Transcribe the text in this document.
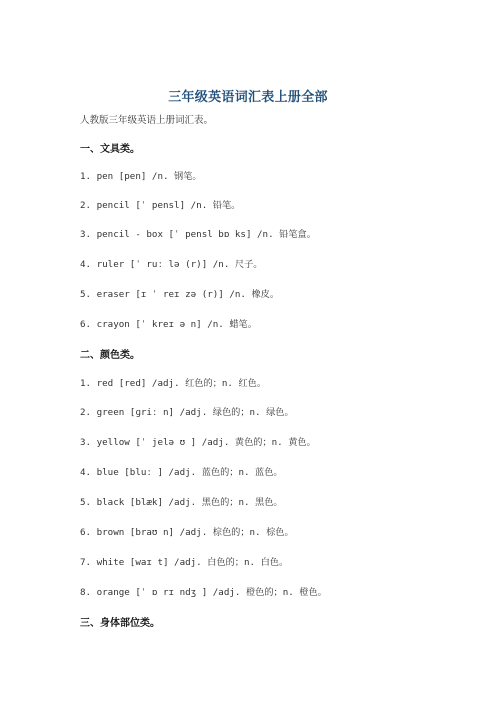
三年级英语词汇表上册全部
人教版三年级英语上册词汇表。
一、文具类。
1. pen [pen] /n. 钢笔。
2. pencil [ˈ pensl] /n. 铅笔。
3. pencil - box [ˈ pensl bɒ ks] /n. 铅笔盒。
4. ruler [ˈ ruː lə (r)] /n. 尺子。
5. eraser [ɪ ˈ reɪ zə (r)] /n. 橡皮。
6. crayon [ˈ kreɪ ə n] /n. 蜡笔。
二、颜色类。
1. red [red] /adj. 红色的；n. 红色。
2. green [ɡriː n] /adj. 绿色的；n. 绿色。
3. yellow [ˈ jelə ʊ ] /adj. 黄色的；n. 黄色。
4. blue [bluː ] /adj. 蓝色的；n. 蓝色。
5. black [blæk] /adj. 黑色的；n. 黑色。
6. brown [braʊ n] /adj. 棕色的；n. 棕色。
7. white [waɪ t] /adj. 白色的；n. 白色。
8. orange [ˈ ɒ rɪ ndʒ ] /adj. 橙色的；n. 橙色。
三、身体部位类。
